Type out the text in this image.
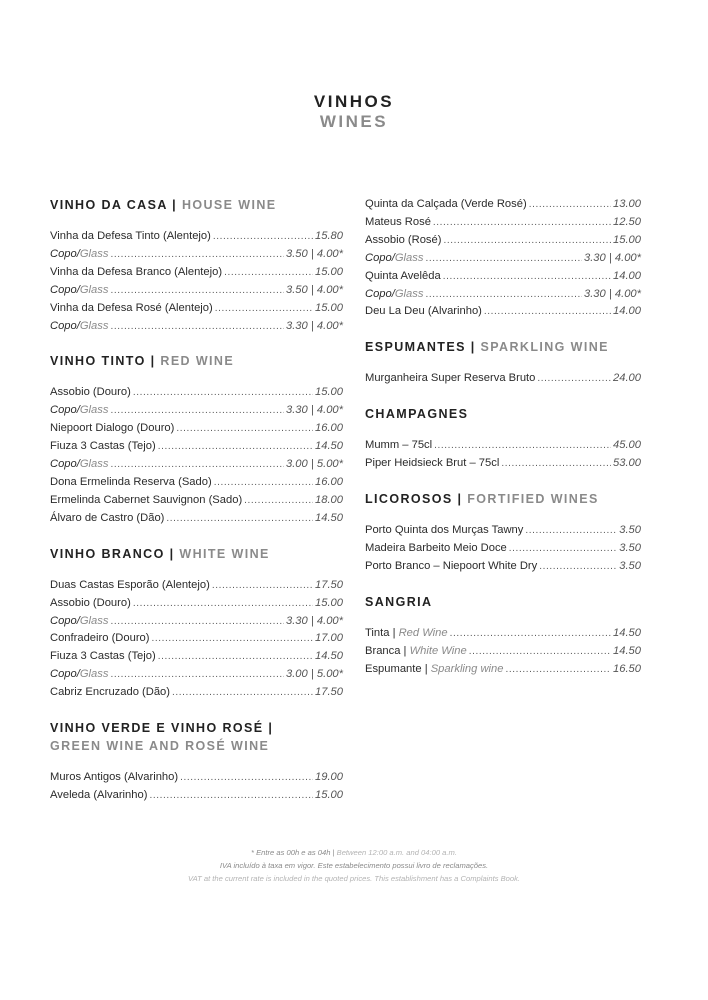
VINHOS
WINES
VINHO DA CASA | HOUSE WINE
Vinha da Defesa Tinto (Alentejo) .....	15.80
Copo/Glass .....	3.50 | 4.00*
Vinha da Defesa Branco (Alentejo) .....	15.00
Copo/Glass .....	3.50 | 4.00*
Vinha da Defesa Rosé (Alentejo) .....	15.00
Copo/Glass .....	3.30 | 4.00*
VINHO TINTO | RED WINE
Assobio (Douro) .....	15.00
Copo/Glass .....	3.30 | 4.00*
Niepoort Dialogo (Douro) .....	16.00
Fiuza 3 Castas (Tejo) .....	14.50
Copo/Glass .....	3.00 | 5.00*
Dona Ermelinda Reserva (Sado) .....	16.00
Ermelinda Cabernet Sauvignon (Sado) .....	18.00
Álvaro de Castro (Dão) .....	14.50
VINHO BRANCO | WHITE WINE
Duas Castas Esporão (Alentejo) .....	17.50
Assobio (Douro) .....	15.00
Copo/Glass .....	3.30 | 4.00*
Confradeiro (Douro) .....	17.00
Fiuza 3 Castas (Tejo) .....	14.50
Copo/Glass .....	3.00 | 5.00*
Cabriz Encruzado (Dão) .....	17.50
VINHO VERDE E VINHO ROSÉ |
GREEN WINE AND ROSÉ WINE
Muros Antigos (Alvarinho) .....	19.00
Aveleda (Alvarinho) .....	15.00
Quinta da Calçada (Verde Rosé) .....	13.00
Mateus Rosé .....	12.50
Assobio (Rosé) .....	15.00
Copo/Glass .....	3.30 | 4.00*
Quinta Avelêda .....	14.00
Copo/Glass .....	3.30 | 4.00*
Deu La Deu (Alvarinho) .....	14.00
ESPUMANTES | SPARKLING WINE
Murganheira Super Reserva Bruto .....	24.00
CHAMPAGNES
Mumm – 75cl .....	45.00
Piper Heidsieck Brut – 75cl .....	53.00
LICOROSOS | FORTIFIED WINES
Porto Quinta dos Murças Tawny .....	3.50
Madeira Barbeito Meio Doce .....	3.50
Porto Branco – Niepoort White Dry .....	3.50
SANGRIA
Tinta | Red Wine .....	14.50
Branca | White Wine .....	14.50
Espumante | Sparkling wine .....	16.50
* Entre as 00h e as 04h | Between 12:00 a.m. and 04:00 a.m.
IVA incluído à taxa em vigor. Este estabelecimento possui livro de reclamações.
VAT at the current rate is included in the quoted prices. This establishment has a Complaints Book.
